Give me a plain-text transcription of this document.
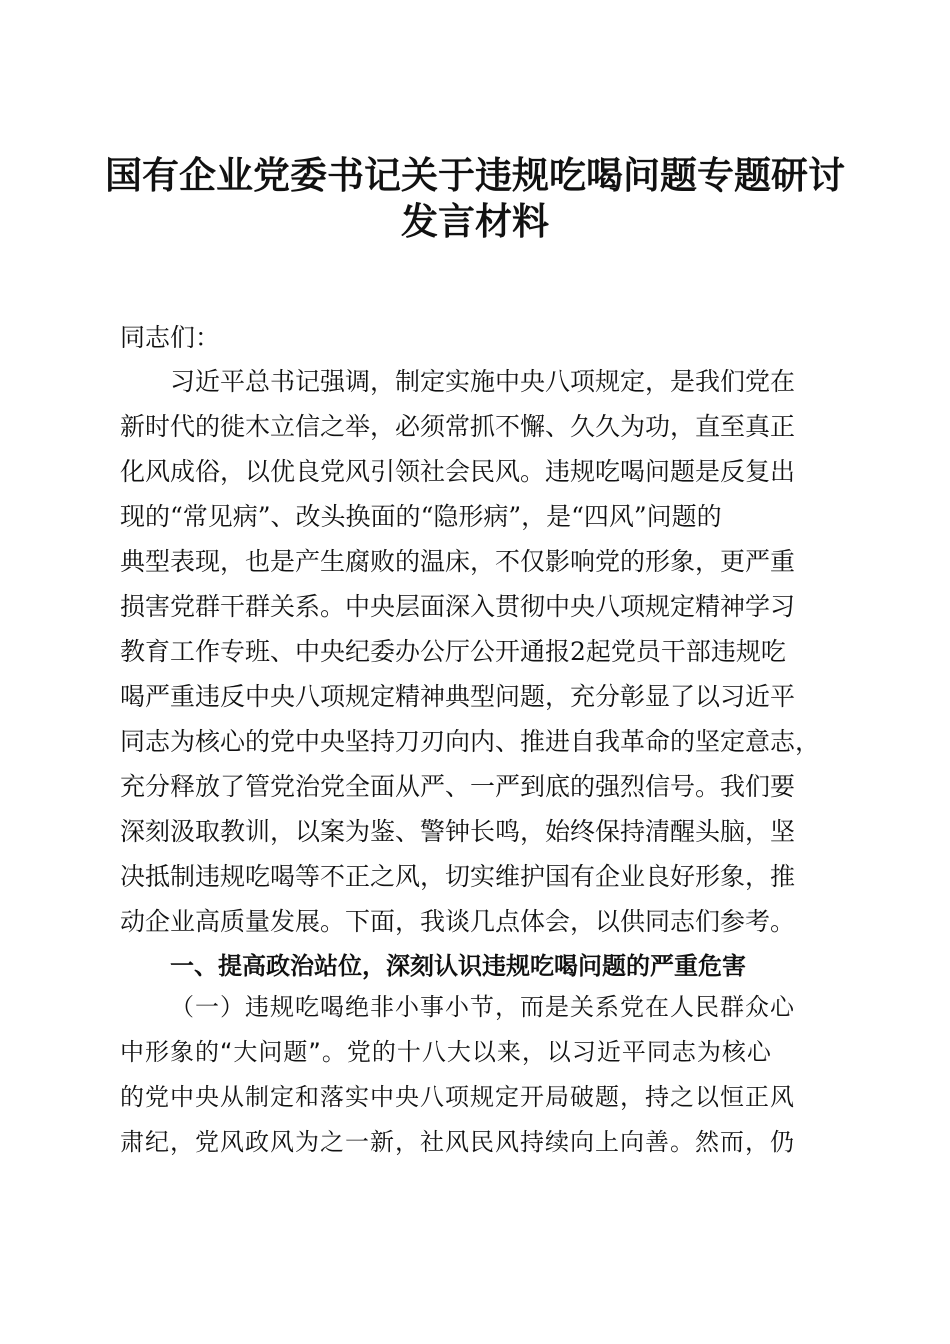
国有企业党委书记关于违规吃喝问题专题研讨
发言材料
同志们：
习近平总书记强调，制定实施中央八项规定，是我们党在
新时代的徙木立信之举，必须常抓不懈、久久为功，直至真正
化风成俗，以优良党风引领社会民风。违规吃喝问题是反复出
现的“常见病”、改头换面的“隐形病”，是“四风”问题的
典型表现，也是产生腐败的温床，不仅影响党的形象，更严重
损害党群干群关系。中央层面深入贯彻中央八项规定精神学习
教育工作专班、中央纪委办公厅公开通报2起党员干部违规吃
喝严重违反中央八项规定精神典型问题，充分彰显了以习近平
同志为核心的党中央坚持刀刃向内、推进自我革命的坚定意志，
充分释放了管党治党全面从严、一严到底的强烈信号。我们要
深刻汲取教训，以案为鉴、警钟长鸣，始终保持清醒头脑，坚
决抵制违规吃喝等不正之风，切实维护国有企业良好形象，推
动企业高质量发展。下面，我谈几点体会，以供同志们参考。
一、提高政治站位，深刻认识违规吃喝问题的严重危害
（一）违规吃喝绝非小事小节，而是关系党在人民群众心
中形象的“大问题”。党的十八大以来，以习近平同志为核心
的党中央从制定和落实中央八项规定开局破题，持之以恒正风
肃纪，党风政风为之一新，社风民风持续向上向善。然而，仍
